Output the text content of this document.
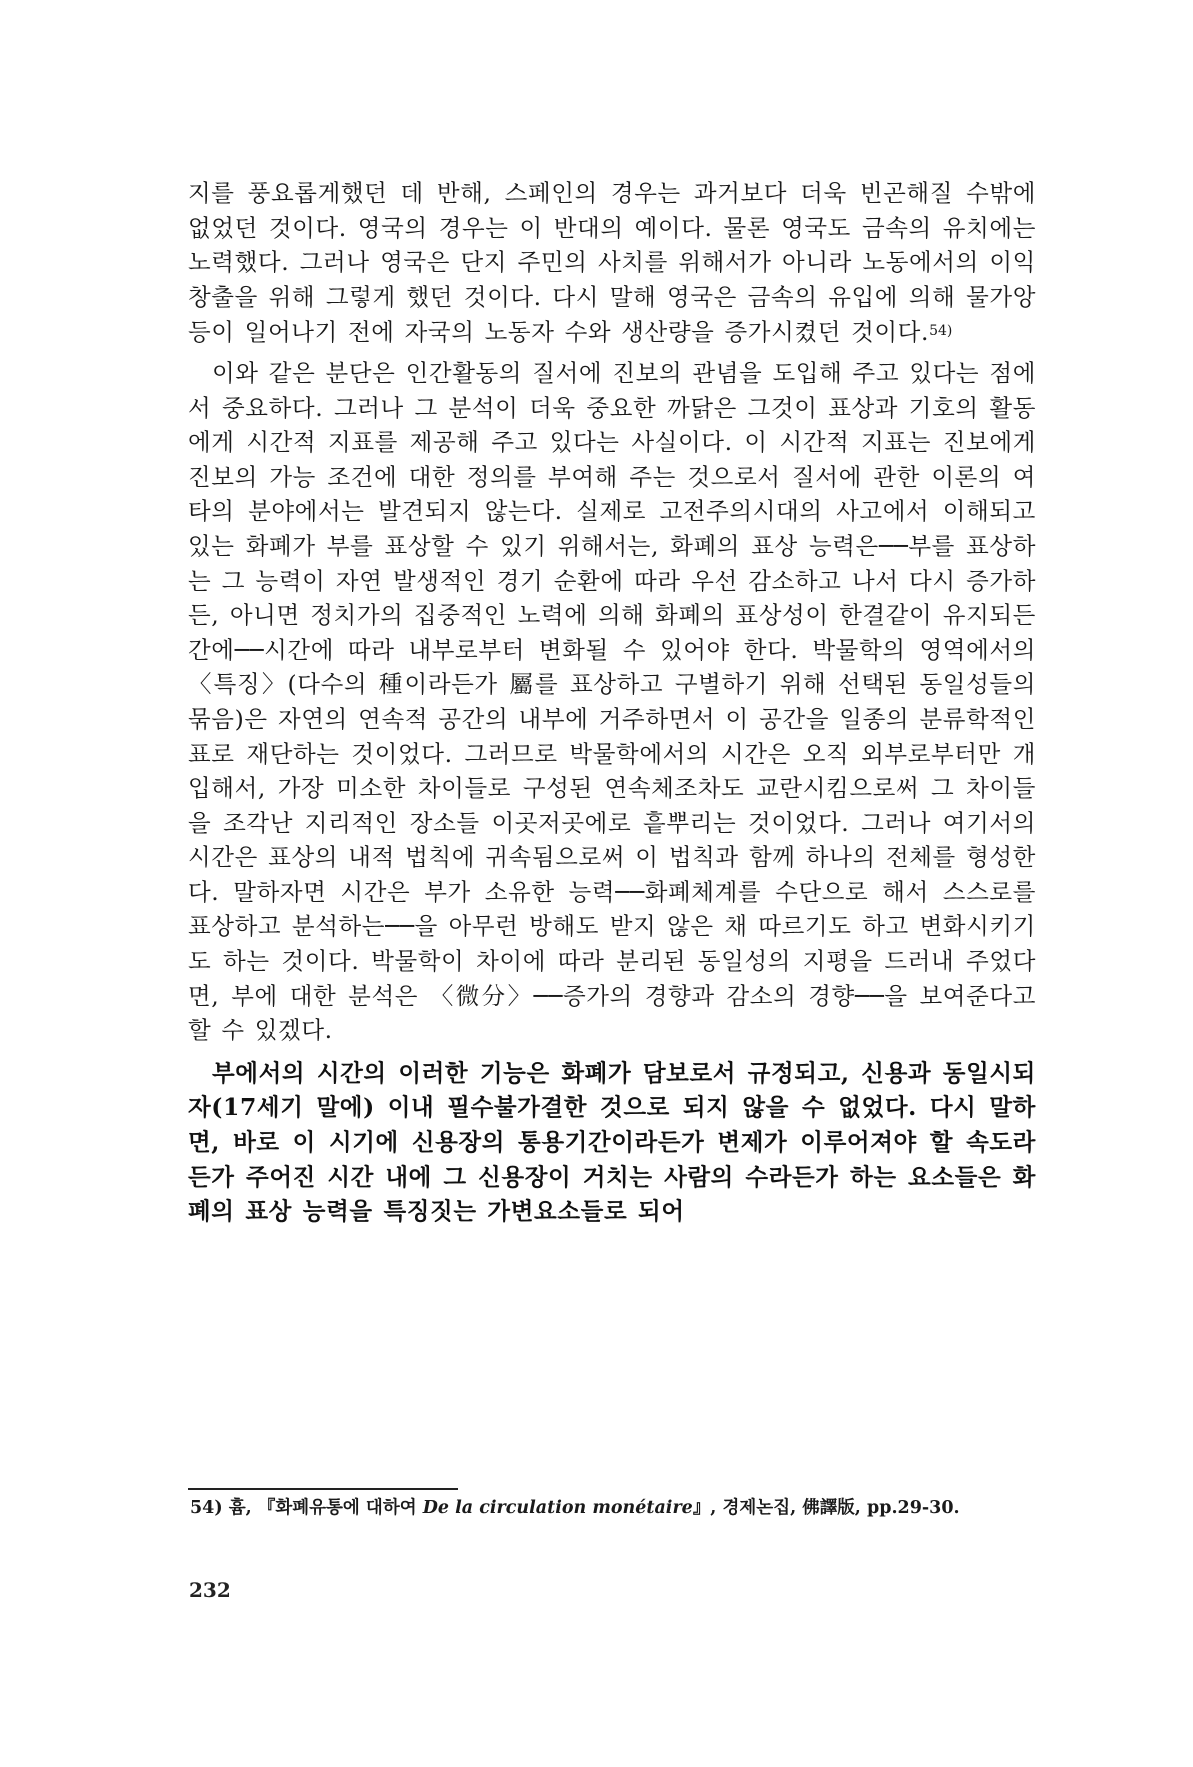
지를 풍요롭게했던 데 반해, 스페인의 경우는 과거보다 더욱 빈곤해질 수밖에 없었던 것이다. 영국의 경우는 이 반대의 예이다. 물론 영국도 금속의 유치에는 노력했다. 그러나 영국은 단지 주민의 사치를 위해서가 아니라 노동에서의 이익 창출을 위해 그렇게 했던 것이다. 다시 말해 영국은 금속의 유입에 의해 물가앙등이 일어나기 전에 자국의 노동자 수와 생산량을 증가시켰던 것이다.$^{54)}$

이와 같은 분단은 인간활동의 질서에 진보의 관념을 도입해 주고 있다는 점에서 중요하다. 그러나 그 분석이 더욱 중요한 까닭은 그것이 표상과 기호의 활동에게 시간적 지표를 제공해 주고 있다는 사실이다. 이 시간적 지표는 진보에게 진보의 가능 조건에 대한 정의를 부여해 주는 것으로서 질서에 관한 이론의 여타의 분야에서는 발견되지 않는다. 실제로 고전주의시대의 사고에서 이해되고 있는 화폐가 부를 표상할 수 있기 위해서는, 화폐의 표상 능력은──부를 표상하는 그 능력이 자연 발생적인 경기 순환에 따라 우선 감소하고 나서 다시 증가하든, 아니면 정치가의 집중적인 노력에 의해 화폐의 표상성이 한결같이 유지되든간에──시간에 따라 내부로부터 변화될 수 있어야 한다. 박물학의 영역에서의 〈특징〉(다수의 種이라든가 屬를 표상하고 구별하기 위해 선택된 동일성들의 묶음)은 자연의 연속적 공간의 내부에 거주하면서 이 공간을 일종의 분류학적인 표로 재단하는 것이었다. 그러므로 박물학에서의 시간은 오직 외부로부터만 개입해서, 가장 미소한 차이들로 구성된 연속체조차도 교란시킴으로써 그 차이들을 조각난 지리적인 장소들 이곳저곳에로 흩뿌리는 것이었다. 그러나 여기서의 시간은 표상의 내적 법칙에 귀속됨으로써 이 법칙과 함께 하나의 전체를 형성한다. 말하자면 시간은 부가 소유한 능력──화폐체계를 수단으로 해서 스스로를 표상하고 분석하는──을 아무런 방해도 받지 않은 채 따르기도 하고 변화시키기도 하는 것이다. 박물학이 차이에 따라 분리된 동일성의 지평을 드러내 주었다면, 부에 대한 분석은 〈微分〉──증가의 경향과 감소의 경향──을 보여준다고 할 수 있겠다.

부에서의 시간의 이러한 기능은 화폐가 담보로서 규정되고, 신용과 동일시되자(17세기 말에) 이내 필수불가결한 것으로 되지 않을 수 없었다. 다시 말하면, 바로 이 시기에 신용장의 통용기간이라든가 변제가 이루어져야 할 속도라든가 주어진 시간 내에 그 신용장이 거치는 사람의 수라든가 하는 요소들은 화폐의 표상 능력을 특징짓는 가변요소들로 되어

54) 흄, 『화폐유통에 대하여 De la circulation monétaire』, 경제논집, 佛譯版, pp.29-30.
232
